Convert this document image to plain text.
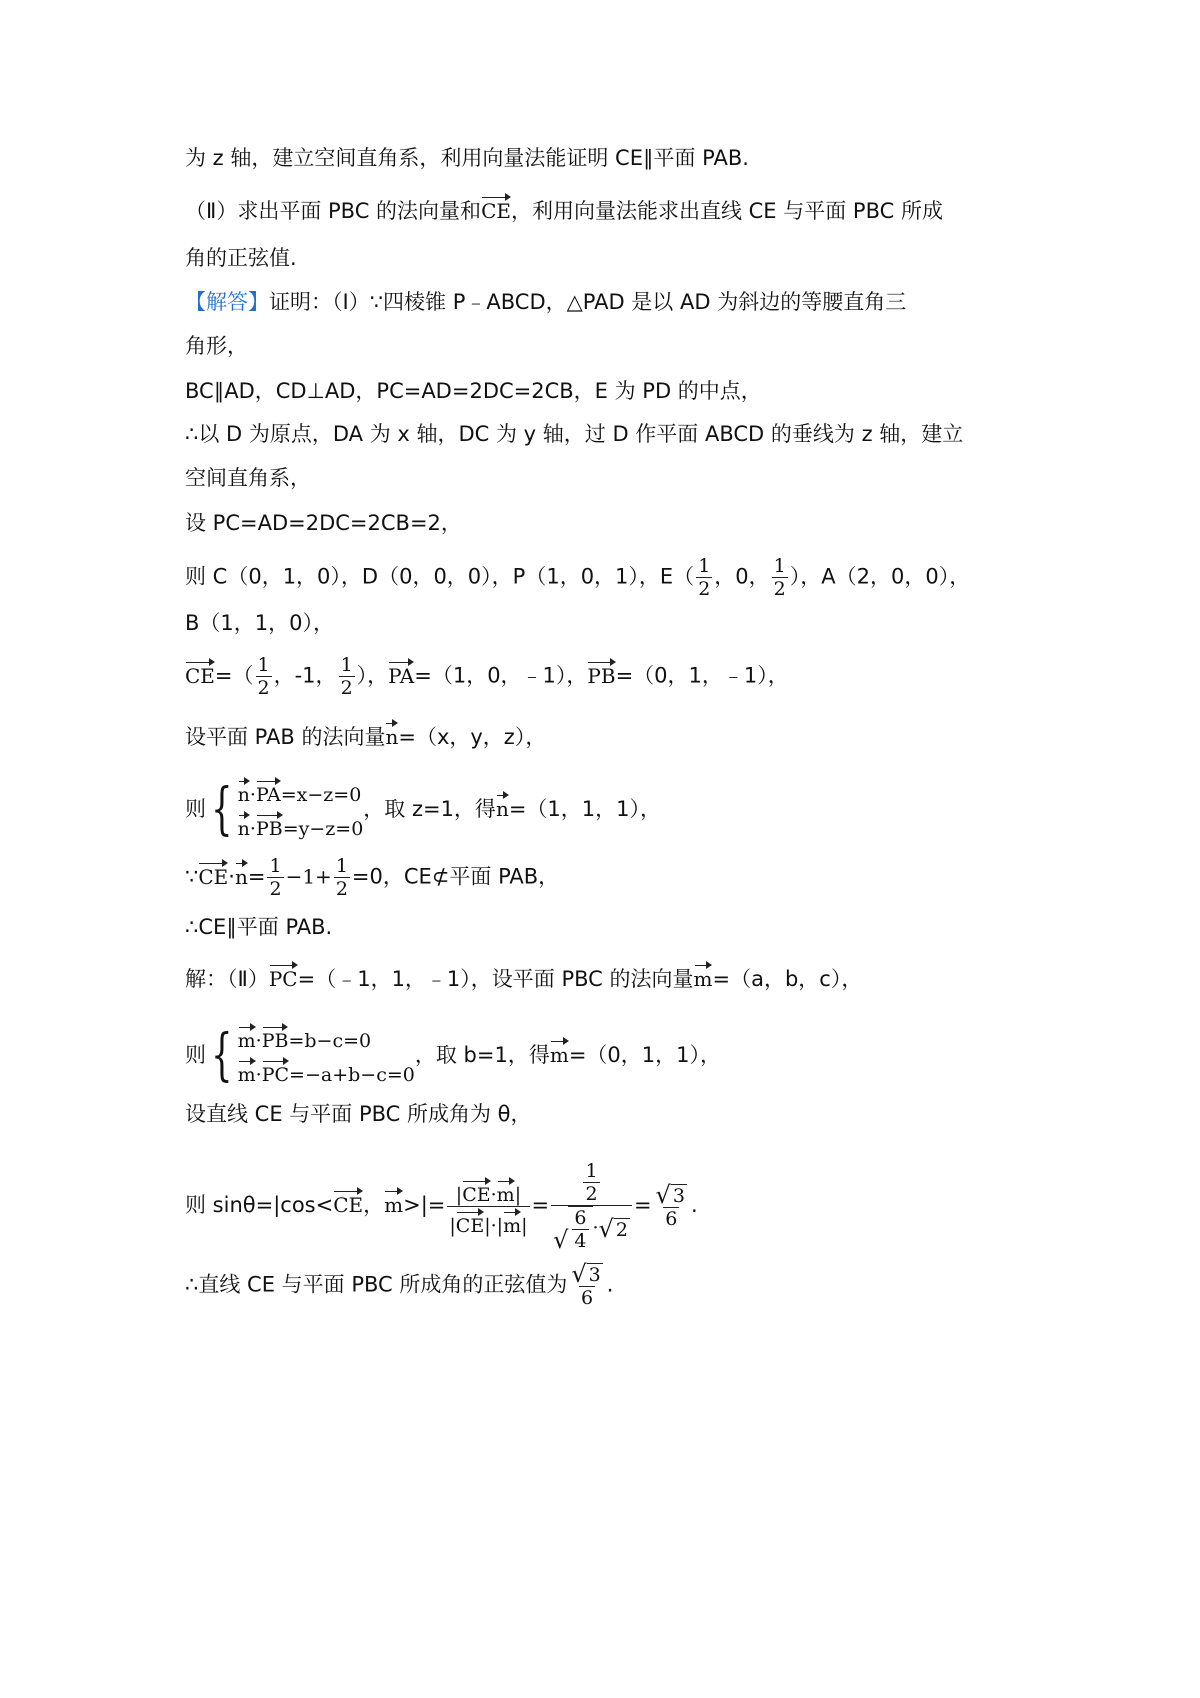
为 z 轴，建立空间直角系，利用向量法能证明 CE∥平面 PAB.
（Ⅱ）求出平面 PBC 的法向量和CE，利用向量法能求出直线 CE 与平面 PBC 所成
角的正弦值.
【解答】证明：（Ⅰ）∵四棱锥 P﹣ABCD，△PAD 是以 AD 为斜边的等腰直角三
角形，
BC∥AD，CD⊥AD，PC=AD=2DC=2CB，E 为 PD 的中点，
∴以 D 为原点，DA 为 x 轴，DC 为 y 轴，过 D 作平面 ABCD 的垂线为 z 轴，建立
空间直角系，
设 PC=AD=2DC=2CB=2，
则 C（0，1，0），D（0，0，0），P（1，0，1），$E( \frac{1}{2}$ ，0， $\frac{1}{2}$ ），A（2，0，0），
B（1，1，0），
$CE=( \frac{1}{2}$ ，-1， $\frac{1}{2}$ ），PA=（1，0，﹣1），PB=（0，1，﹣1），
设平面 PAB 的法向量n=（x，y，z），
则 { n·PA=x−z=0
n·PB=y−z=0
，取 z=1，得n=（1，1，1），
∵CE·n= $\frac{1}{2} -1+ \frac{1}{2} =0$，CE⊄平面 PAB，
∴CE∥平面 PAB.
解：（Ⅱ）PC=（﹣1，1，﹣1），设平面 PBC 的法向量m=（a，b，c），
则 { m·PB=b−c=0
m·PC=−a+b−c=0
，取 b=1，得m=（0，1，1），
设直线 CE 与平面 PBC 所成角为 θ，
则 sinθ=|cos<CE，$m>|= \frac{|CE\cdot m|}{|CE|\cdot|m|} = \frac{\frac{1}{2}}{√ \frac{6}{4} \cdot √ 2} = \frac{√ 3}{6}$ .
∴直线 CE 与平面 PBC 所成角的正弦值为 $\frac{√ 3}{6}$ .
